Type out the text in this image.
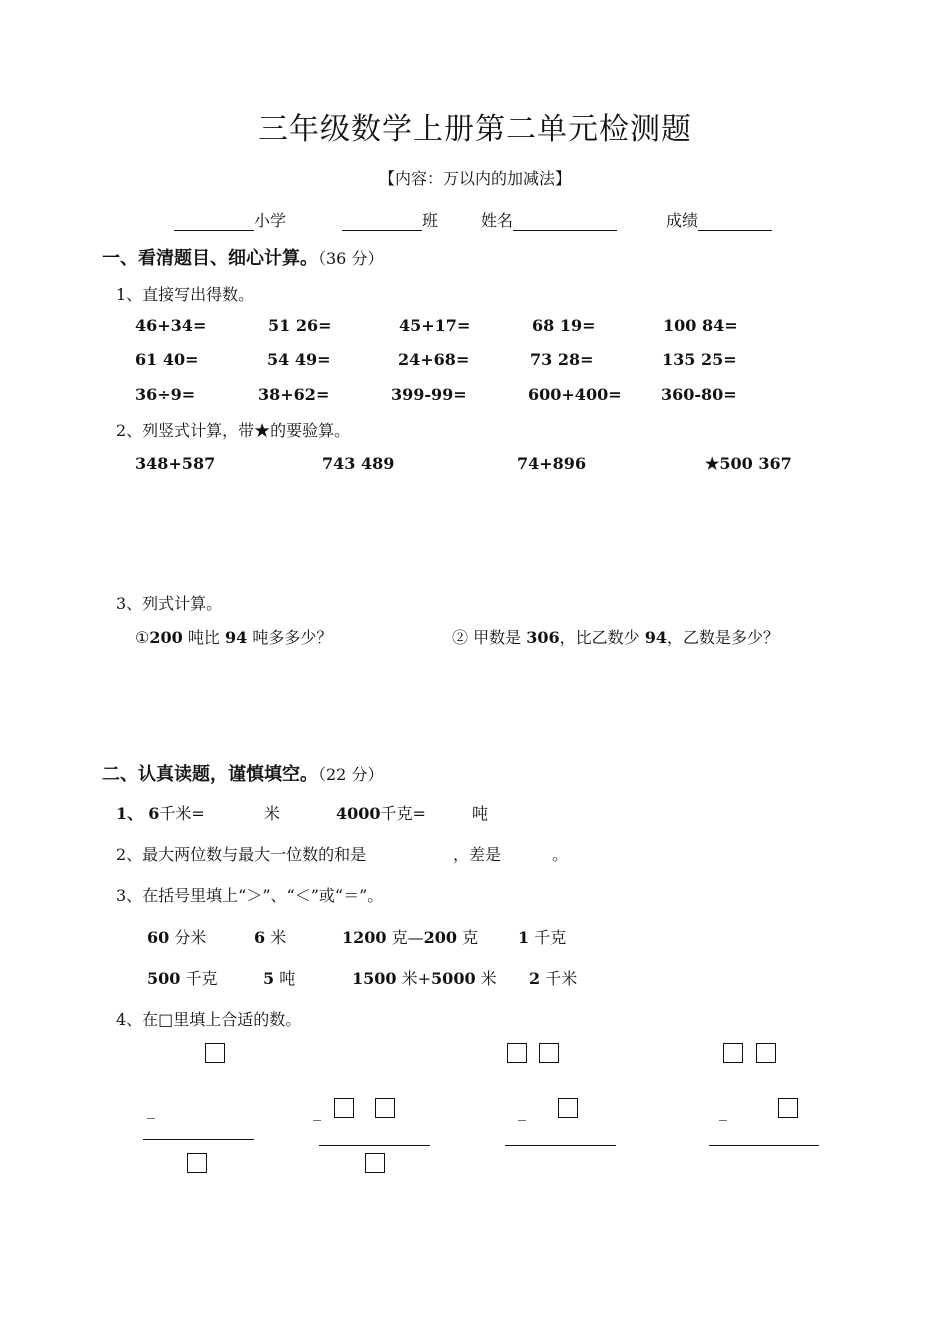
三年级数学上册第二单元检测题
【内容：万以内的加减法】
小学	班	姓名	成绩
一、看清题目、细心计算。（36 分）
1、直接写出得数。
46+34=	51 26=	45+17=	68 19=	100 84=
61 40=	54 49=	24+68=	73 28=	135 25=
36÷9=	38+62=	399-99=	600+400= 360-80=
2、列竖式计算，带★的要验算。
348+587	743 489	74+896	★500 367
3、列式计算。
①200 吨比 94 吨多多少？	② 甲数是 306，比乙数少 94，乙数是多少？
二、认真读题，谨慎填空。（22 分）
1、 6千米=	米	4000千克=	吨
2、最大两位数与最大一位数的和是	，差是	。
3、在括号里填上“＞”、“＜”或“＝”。
60 分米	6 米	1200 克—200 克 1 千克
500 千克	5 吨	1500 米+5000 米 2 千米
4、在□里填上合适的数。
_	_	_	_
